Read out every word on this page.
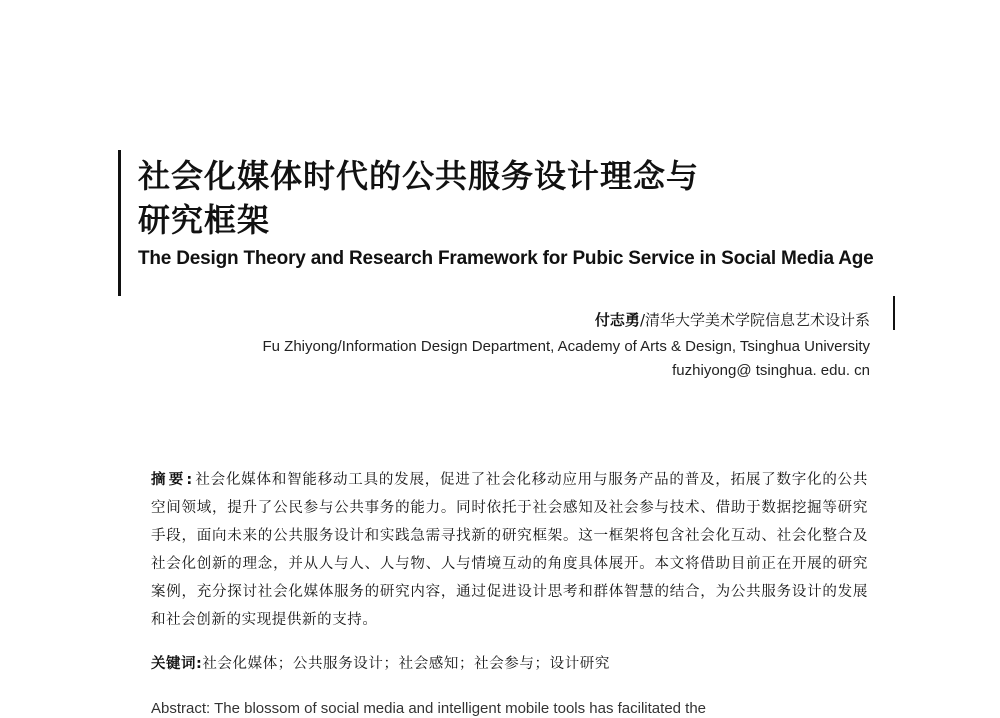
社会化媒体时代的公共服务设计理念与
研究框架
The Design Theory and Research Framework for Pubic Service in Social Media Age
付志勇/清华大学美术学院信息艺术设计系
Fu Zhiyong/Information Design Department, Academy of Arts & Design, Tsinghua University
fuzhiyong@ tsinghua. edu. cn

摘要:社会化媒体和智能移动工具的发展，促进了社会化移动应用与服务产品的普及，拓展了数字化的公共空间领域，提升了公民参与公共事务的能力。同时依托于社会感知及社会参与技术、借助于数据挖掘等研究手段，面向未来的公共服务设计和实践急需寻找新的研究框架。这一框架将包含社会化互动、社会化整合及社会化创新的理念，并从人与人、人与物、人与情境互动的角度具体展开。本文将借助目前正在开展的研究案例，充分探讨社会化媒体服务的研究内容，通过促进设计思考和群体智慧的结合，为公共服务设计的发展和社会创新的实现提供新的支持。

关键词:社会化媒体；公共服务设计；社会感知；社会参与；设计研究

Abstract: The blossom of social media and intelligent mobile tools has facilitated the
